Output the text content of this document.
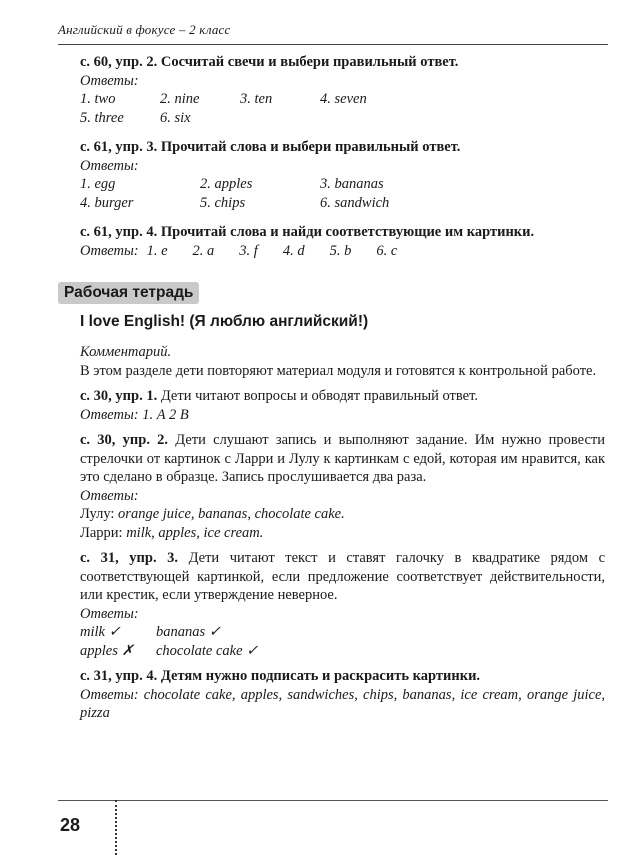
Английский в фокусе – 2 класс
с. 60, упр. 2. Сосчитай свечи и выбери правильный ответ.
Ответы:
1. two	2. nine	3. ten	4. seven
5. three	6. six
с. 61, упр. 3. Прочитай слова и выбери правильный ответ.
Ответы:
1. egg	2. apples	3. bananas
4. burger	5. chips	6. sandwich
с. 61, упр. 4. Прочитай слова и найди соответствующие им картинки.
Ответы: 1. e 2. a 3. f 4. d 5. b 6. c
I love English! (Я люблю английский!)
Комментарий.
В этом разделе дети повторяют материал модуля и готовятся к контрольной работе.
с. 30, упр. 1. Дети читают вопросы и обводят правильный ответ.
Ответы: 1. A 2 B
с. 30, упр. 2. Дети слушают запись и выполняют задание. Им нужно провести стрелочки от картинок с Ларри и Лулу к картинкам с едой, которая им нравится, как это сделано в образце. Запись прослушивается два раза.
Ответы:
Лулу: orange juice, bananas, chocolate cake.
Ларри: milk, apples, ice cream.
с. 31, упр. 3. Дети читают текст и ставят галочку в квадратике рядом с соответствующей картинкой, если предложение соответствует действительности, или крестик, если утверждение неверное.
Ответы:
milk ✓	bananas ✓
apples ✗	chocolate cake ✓
с. 31, упр. 4. Детям нужно подписать и раскрасить картинки.
Ответы: chocolate cake, apples, sandwiches, chips, bananas, ice cream, orange juice, pizza
Рабочая тетрадь
28
